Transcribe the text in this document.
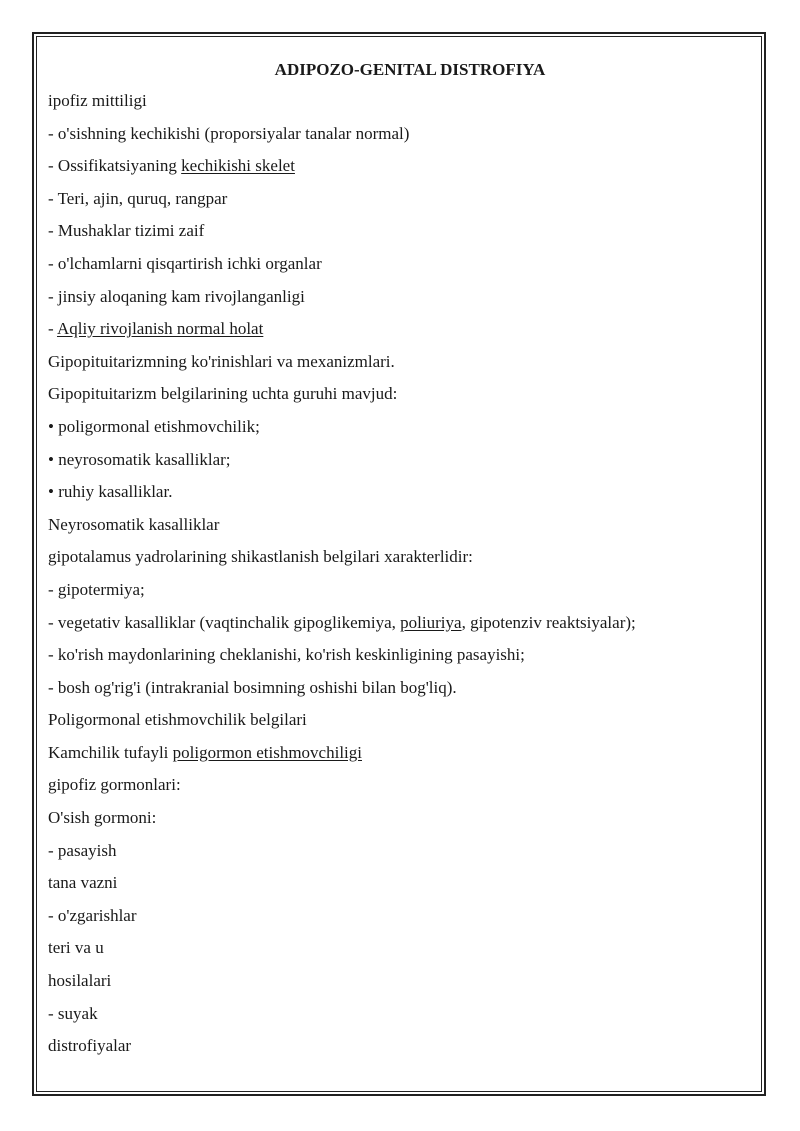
ADIPOZO-GENITAL DISTROFIYA
ipofiz mittiligi
- o'sishning kechikishi (proporsiyalar tanalar normal)
- Ossifikatsiyaning kechikishi skelet
- Teri, ajin, quruq, rangpar
- Mushaklar tizimi zaif
- o'lchamlarni qisqartirish ichki organlar
- jinsiy aloqaning kam rivojlanganligi
- Aqliy rivojlanish normal holat
Gipopituitarizmning ko'rinishlari va mexanizmlari.
Gipopituitarizm belgilarining uchta guruhi mavjud:
• poligormonal etishmovchilik;
• neyrosomatik kasalliklar;
• ruhiy kasalliklar.
Neyrosomatik kasalliklar
gipotalamus yadrolarining shikastlanish belgilari xarakterlidir:
- gipotermiya;
- vegetativ kasalliklar (vaqtinchalik gipoglikemiya, poliuriya, gipotenziv reaktsiyalar);
- ko'rish maydonlarining cheklanishi, ko'rish keskinligining pasayishi;
- bosh og'rig'i (intrakranial bosimning oshishi bilan bog'liq).
Poligormonal etishmovchilik belgilari
Kamchilik tufayli poligormon etishmovchiligi
gipofiz gormonlari:
O'sish gormoni:
- pasayish
tana vazni
- o'zgarishlar
teri va u
hosilalari
- suyak
distrofiyalar
